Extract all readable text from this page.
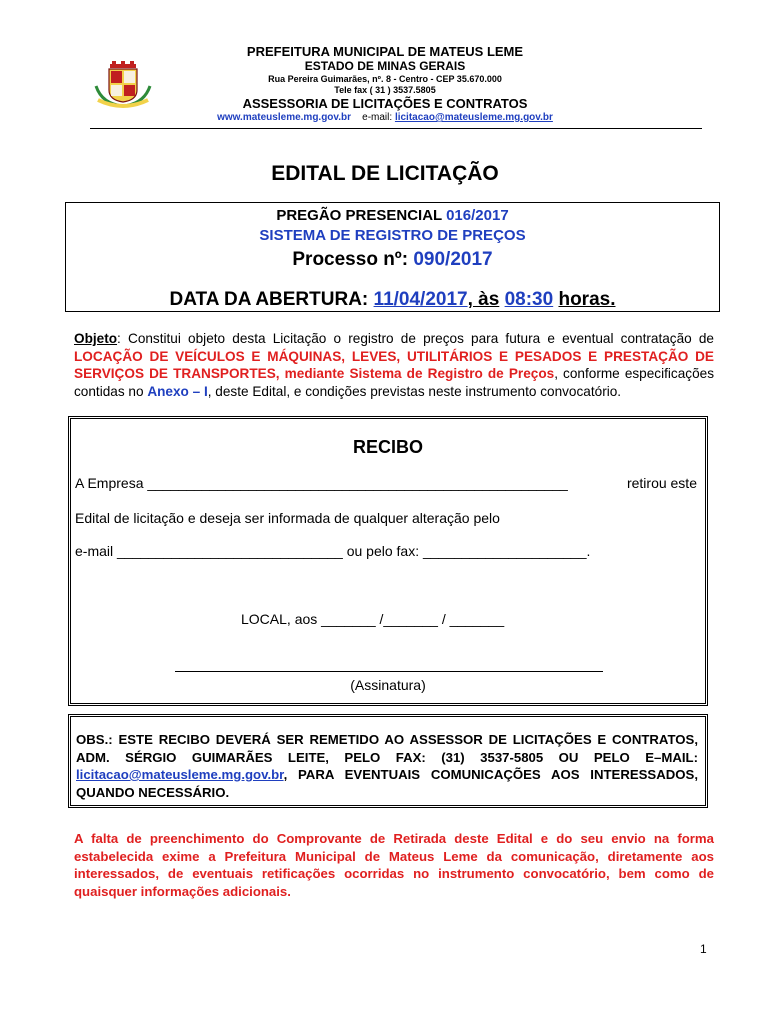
PREFEITURA MUNICIPAL DE MATEUS LEME
ESTADO DE MINAS GERAIS
Rua Pereira Guimarães, nº. 8 - Centro - CEP 35.670.000
Tele fax ( 31 ) 3537.5805
ASSESSORIA DE LICITAÇÕES E CONTRATOS
www.mateusleme.mg.gov.br e-mail: licitacao@mateusleme.mg.gov.br
EDITAL DE LICITAÇÃO
PREGÃO PRESENCIAL 016/2017
SISTEMA DE REGISTRO DE PREÇOS
Processo nº: 090/2017
DATA DA ABERTURA: 11/04/2017, às 08:30 horas.
Objeto: Constitui objeto desta Licitação o registro de preços para futura e eventual contratação de LOCAÇÃO DE VEÍCULOS E MÁQUINAS, LEVES, UTILITÁRIOS E PESADOS E PRESTAÇÃO DE SERVIÇOS DE TRANSPORTES, mediante Sistema de Registro de Preços, conforme especificações contidas no Anexo – I, deste Edital, e condições previstas neste instrumento convocatório.
RECIBO
A Empresa ______________________________________________________	retirou este
Edital de licitação e deseja ser informada de qualquer alteração pelo
e-mail _____________________________ ou pelo fax: _____________________.
LOCAL, aos _______ /_______ / _______
(Assinatura)
OBS.: ESTE RECIBO DEVERÁ SER REMETIDO AO ASSESSOR DE LICITAÇÕES E CONTRATOS, ADM. SÉRGIO GUIMARÃES LEITE, PELO FAX: (31) 3537-5805 OU PELO E–MAIL: licitacao@mateusleme.mg.gov.br, PARA EVENTUAIS COMUNICAÇÕES AOS INTERESSADOS, QUANDO NECESSÁRIO.
A falta de preenchimento do Comprovante de Retirada deste Edital e do seu envio na forma estabelecida exime a Prefeitura Municipal de Mateus Leme da comunicação, diretamente aos interessados, de eventuais retificações ocorridas no instrumento convocatório, bem como de quaisquer informações adicionais.
1
